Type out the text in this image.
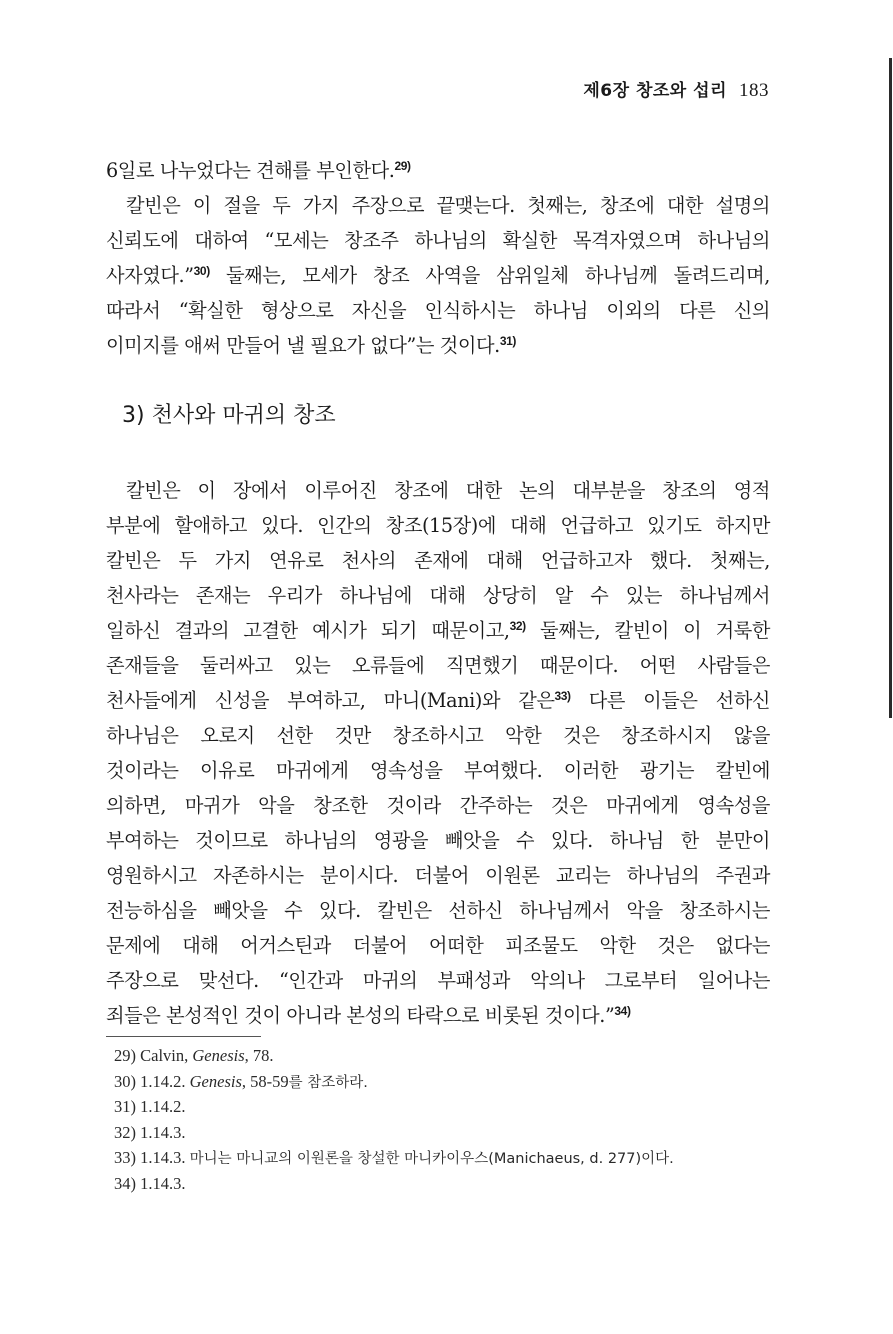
제6장 창조와 섭리 183
6일로 나누었다는 견해를 부인한다.$^{29)}$
칼빈은 이 절을 두 가지 주장으로 끝맺는다. 첫째는, 창조에 대한 설명의
신뢰도에 대하여 “모세는 창조주 하나님의 확실한 목격자였으며 하나님의
사자였다.”$^{30)}$ 둘째는, 모세가 창조 사역을 삼위일체 하나님께 돌려드리며,
따라서 “확실한 형상으로 자신을 인식하시는 하나님 이외의 다른 신의
이미지를 애써 만들어 낼 필요가 없다”는 것이다.$^{31)}$
3) 천사와 마귀의 창조
칼빈은 이 장에서 이루어진 창조에 대한 논의 대부분을 창조의 영적
부분에 할애하고 있다. 인간의 창조(15장)에 대해 언급하고 있기도 하지만
칼빈은 두 가지 연유로 천사의 존재에 대해 언급하고자 했다. 첫째는,
천사라는 존재는 우리가 하나님에 대해 상당히 알 수 있는 하나님께서
일하신 결과의 고결한 예시가 되기 때문이고,$^{32)}$ 둘째는, 칼빈이 이 거룩한
존재들을 둘러싸고 있는 오류들에 직면했기 때문이다. 어떤 사람들은
천사들에게 신성을 부여하고, 마니(Mani)와 같은$^{33)}$ 다른 이들은 선하신
하나님은 오로지 선한 것만 창조하시고 악한 것은 창조하시지 않을
것이라는 이유로 마귀에게 영속성을 부여했다. 이러한 광기는 칼빈에
의하면, 마귀가 악을 창조한 것이라 간주하는 것은 마귀에게 영속성을
부여하는 것이므로 하나님의 영광을 빼앗을 수 있다. 하나님 한 분만이
영원하시고 자존하시는 분이시다. 더불어 이원론 교리는 하나님의 주권과
전능하심을 빼앗을 수 있다. 칼빈은 선하신 하나님께서 악을 창조하시는
문제에 대해 어거스틴과 더불어 어떠한 피조물도 악한 것은 없다는
주장으로 맞선다. “인간과 마귀의 부패성과 악의나 그로부터 일어나는
죄들은 본성적인 것이 아니라 본성의 타락으로 비롯된 것이다.”$^{34)}$
29) Calvin, Genesis, 78.
30) 1.14.2. Genesis, 58-59를 참조하라.
31) 1.14.2.
32) 1.14.3.
33) 1.14.3. 마니는 마니교의 이원론을 창설한 마니카이우스(Manichaeus, d. 277)이다.
34) 1.14.3.
